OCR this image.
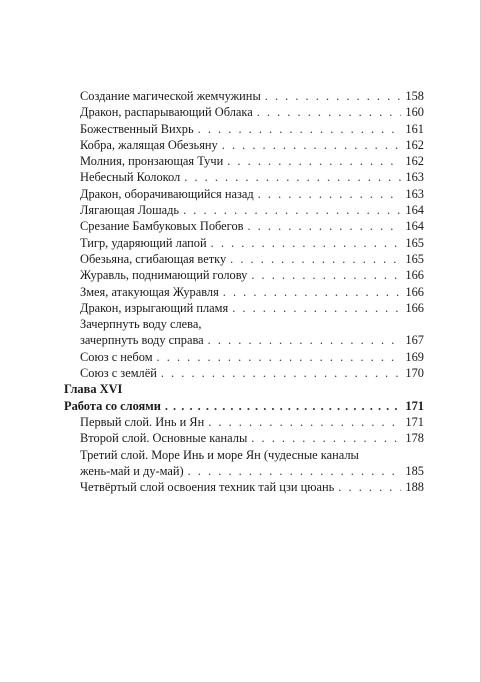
Создание магической жемчужины . . .	158
Дракон, распарывающий Облака . . .	160
Божественный Вихрь . . .	161
Кобра, жалящая Обезьяну . . .	162
Молния, пронзающая Тучи . . .	162
Небесный Колокол . . .	163
Дракон, оборачивающийся назад . . .	163
Лягающая Лошадь . . .	164
Срезание Бамбуковых Побегов . . .	164
Тигр, ударяющий лапой . . .	165
Обезьяна, сгибающая ветку . . .	165
Журавль, поднимающий голову . . .	166
Змея, атакующая Журавля . . .	166
Дракон, изрыгающий пламя . . .	166
Зачерпнуть воду слева,
зачерпнуть воду справа . . .	167
Союз с небом . . .	169
Союз с землёй . . .	170
Глава XVI
Работа со слоями . . .	171
Первый слой. Инь и Ян . . .	171
Второй слой. Основные каналы . . .	178
Третий слой. Море Инь и море Ян (чудесные каналы
жень-май и ду-май) . . .	185
Четвёртый слой освоения техник тай цзи цюань . . .	188
